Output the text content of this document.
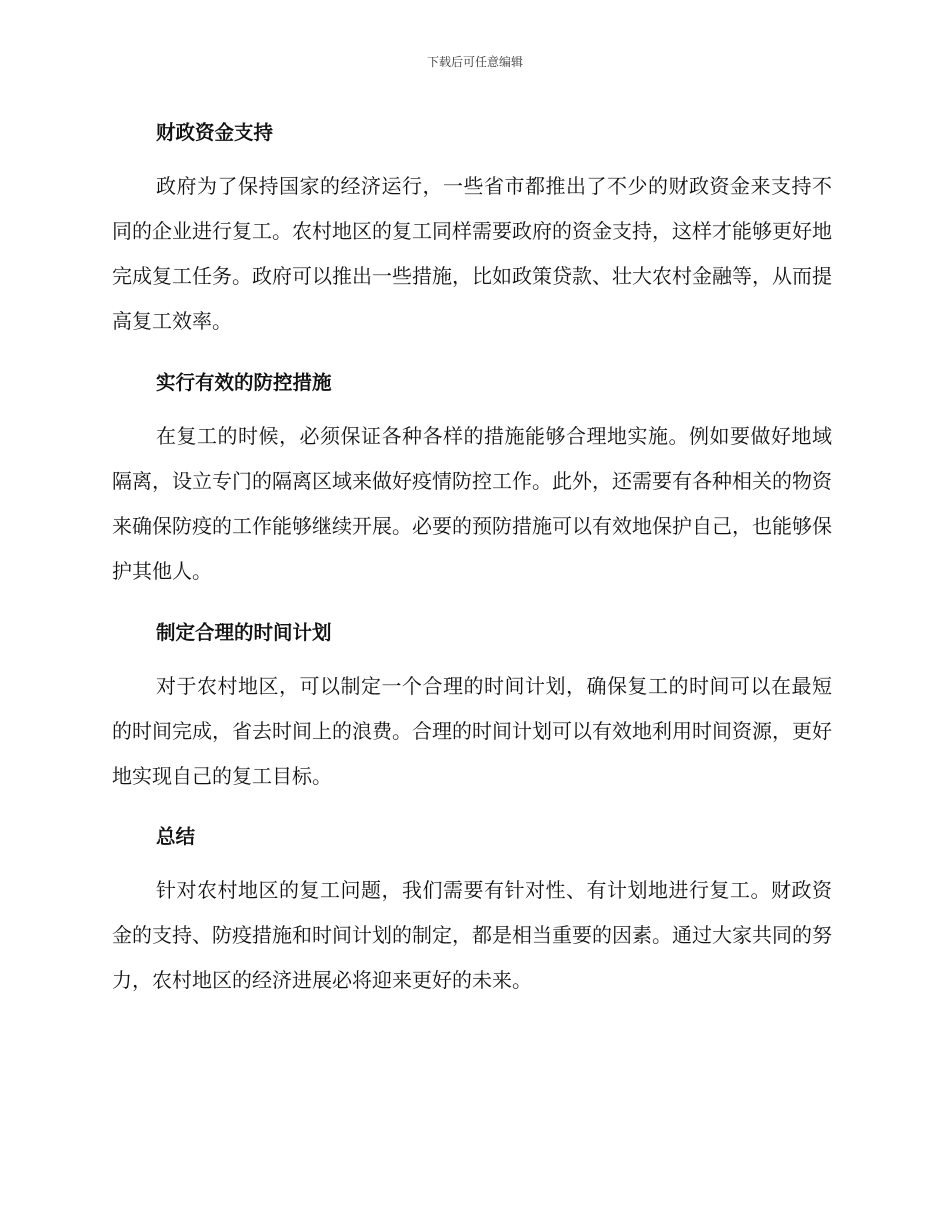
下载后可任意编辑
财政资金支持

政府为了保持国家的经济运行，一些省市都推出了不少的财政资金来支持不同的企业进行复工。农村地区的复工同样需要政府的资金支持，这样才能够更好地完成复工任务。政府可以推出一些措施，比如政策贷款、壮大农村金融等，从而提高复工效率。

实行有效的防控措施

在复工的时候，必须保证各种各样的措施能够合理地实施。例如要做好地域隔离，设立专门的隔离区域来做好疫情防控工作。此外，还需要有各种相关的物资来确保防疫的工作能够继续开展。必要的预防措施可以有效地保护自己，也能够保护其他人。

制定合理的时间计划

对于农村地区，可以制定一个合理的时间计划，确保复工的时间可以在最短的时间完成，省去时间上的浪费。合理的时间计划可以有效地利用时间资源，更好地实现自己的复工目标。

总结

针对农村地区的复工问题，我们需要有针对性、有计划地进行复工。财政资金的支持、防疫措施和时间计划的制定，都是相当重要的因素。通过大家共同的努力，农村地区的经济进展必将迎来更好的未来。
